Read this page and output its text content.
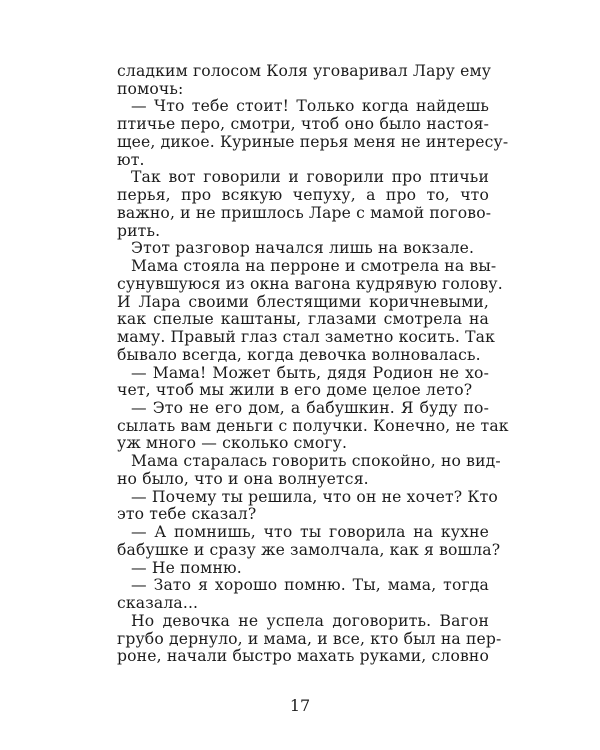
сладким голосом Коля уговаривал Лару ему
помочь:
— Что тебе стоит! Только когда найдешь
птичье перо, смотри, чтоб оно было настоя-
щее, дикое. Куриные перья меня не интересу-
ют.
Так вот говорили и говорили про птичьи
перья, про всякую чепуху, а про то, что
важно, и не пришлось Ларе с мамой погово-
рить.
Этот разговор начался лишь на вокзале.
Мама стояла на перроне и смотрела на вы-
сунувшуюся из окна вагона кудрявую голову.
И Лара своими блестящими коричневыми,
как спелые каштаны, глазами смотрела на
маму. Правый глаз стал заметно косить. Так
бывало всегда, когда девочка волновалась.
— Мама! Может быть, дядя Родион не хо-
чет, чтоб мы жили в его доме целое лето?
— Это не его дом, а бабушкин. Я буду по-
сылать вам деньги с получки. Конечно, не так
уж много — сколько смогу.
Мама старалась говорить спокойно, но вид-
но было, что и она волнуется.
— Почему ты решила, что он не хочет? Кто
это тебе сказал?
— А помнишь, что ты говорила на кухне
бабушке и сразу же замолчала, как я вошла?
— Не помню.
— Зато я хорошо помню. Ты, мама, тогда
сказала...
Но девочка не успела договорить. Вагон
грубо дернуло, и мама, и все, кто был на пер-
роне, начали быстро махать руками, словно
17
